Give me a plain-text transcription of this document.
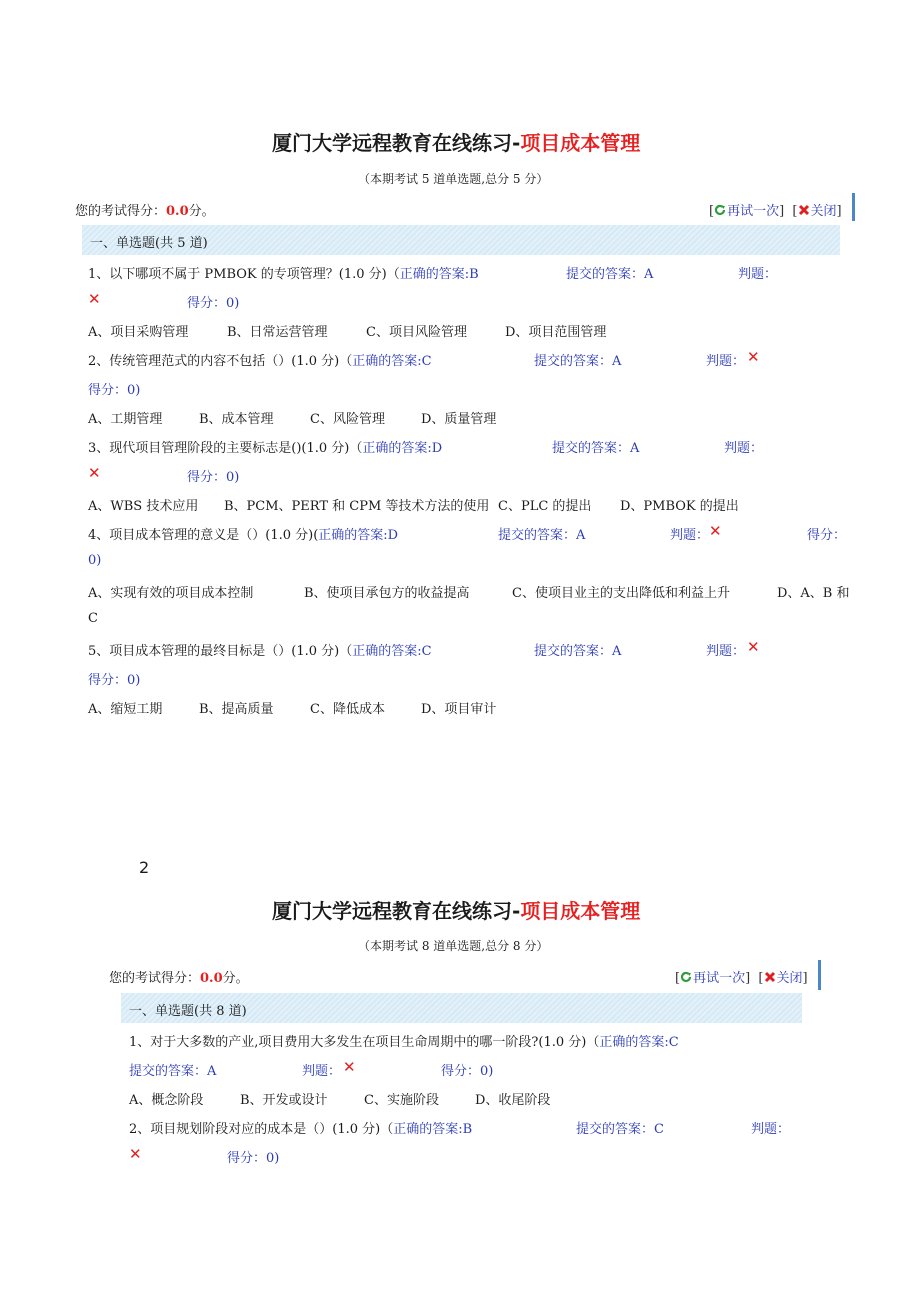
厦门大学远程教育在线练习-项目成本管理
（本期考试 5 道单选题,总分 5 分）
您的考试得分：0.0分。	[ 再试一次]  [ 关闭]
一、单选题(共 5 道)
1、以下哪项不属于 PMBOK 的专项管理？(1.0 分)（正确的答案:B	提交的答案：A	判题：
✕	得分：0)
A、项目采购管理	B、日常运营管理	C、项目风险管理	D、项目范围管理
2、传统管理范式的内容不包括（）(1.0 分)（正确的答案:C	提交的答案：A	判题： ✕
得分：0)
A、工期管理	B、成本管理	C、风险管理	D、质量管理
3、现代项目管理阶段的主要标志是()(1.0 分)（正确的答案:D	提交的答案：A	判题：
✕	得分：0)
A、WBS 技术应用 B、PCM、PERT 和 CPM 等技术方法的使用 C、PLC 的提出 D、PMBOK 的提出
4、项目成本管理的意义是（）(1.0 分)(正确的答案:D	提交的答案：A	判题： ✕	得分：
0)
A、实现有效的项目成本控制	B、使项目承包方的收益提高	C、使项目业主的支出降低和利益上升	D、A、B 和
C
5、项目成本管理的最终目标是（）(1.0 分)（正确的答案:C	提交的答案：A	判题： ✕
得分：0)
A、缩短工期	B、提高质量	C、降低成本	D、项目审计
2
厦门大学远程教育在线练习-项目成本管理
（本期考试 8 道单选题,总分 8 分）
您的考试得分：0.0分。	[ 再试一次]  [ 关闭]
一、单选题(共 8 道)
1、对于大多数的产业,项目费用大多发生在项目生命周期中的哪一阶段?(1.0 分)（正确的答案:C
提交的答案：A	判题： ✕	得分：0)
A、概念阶段	B、开发或设计	C、实施阶段	D、收尾阶段
2、项目规划阶段对应的成本是（）(1.0 分)（正确的答案:B	提交的答案：C	判题：
✕	得分：0)
